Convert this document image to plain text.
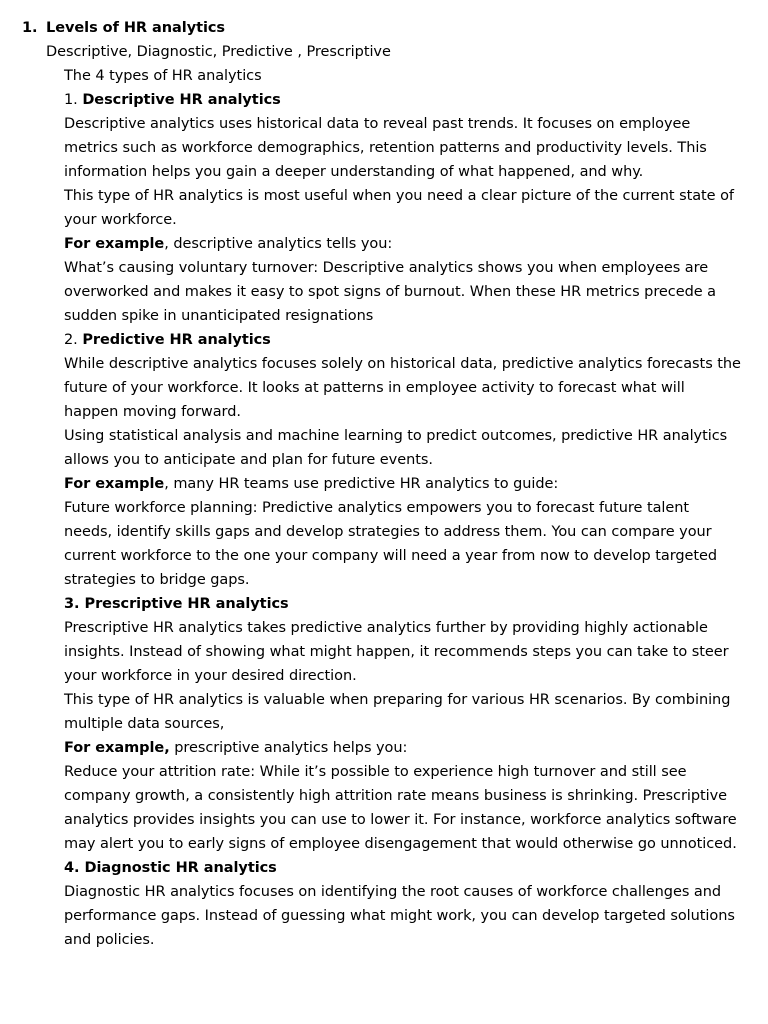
1. Levels of HR analytics
Descriptive, Diagnostic, Predictive , Prescriptive
The 4 types of HR analytics
1. Descriptive HR analytics
Descriptive analytics uses historical data to reveal past trends. It focuses on employee
metrics such as workforce demographics, retention patterns and productivity levels. This
information helps you gain a deeper understanding of what happened, and why.
This type of HR analytics is most useful when you need a clear picture of the current state of
your workforce.
For example, descriptive analytics tells you:
What’s causing voluntary turnover: Descriptive analytics shows you when employees are
overworked and makes it easy to spot signs of burnout. When these HR metrics precede a
sudden spike in unanticipated resignations
2. Predictive HR analytics
While descriptive analytics focuses solely on historical data, predictive analytics forecasts the
future of your workforce. It looks at patterns in employee activity to forecast what will
happen moving forward.
Using statistical analysis and machine learning to predict outcomes, predictive HR analytics
allows you to anticipate and plan for future events.
For example, many HR teams use predictive HR analytics to guide:
Future workforce planning: Predictive analytics empowers you to forecast future talent
needs, identify skills gaps and develop strategies to address them. You can compare your
current workforce to the one your company will need a year from now to develop targeted
strategies to bridge gaps.
3. Prescriptive HR analytics
Prescriptive HR analytics takes predictive analytics further by providing highly actionable
insights. Instead of showing what might happen, it recommends steps you can take to steer
your workforce in your desired direction.
This type of HR analytics is valuable when preparing for various HR scenarios. By combining
multiple data sources,
For example, prescriptive analytics helps you:
Reduce your attrition rate: While it’s possible to experience high turnover and still see
company growth, a consistently high attrition rate means business is shrinking. Prescriptive
analytics provides insights you can use to lower it. For instance, workforce analytics software
may alert you to early signs of employee disengagement that would otherwise go unnoticed.
4. Diagnostic HR analytics
Diagnostic HR analytics focuses on identifying the root causes of workforce challenges and
performance gaps. Instead of guessing what might work, you can develop targeted solutions
and policies.
